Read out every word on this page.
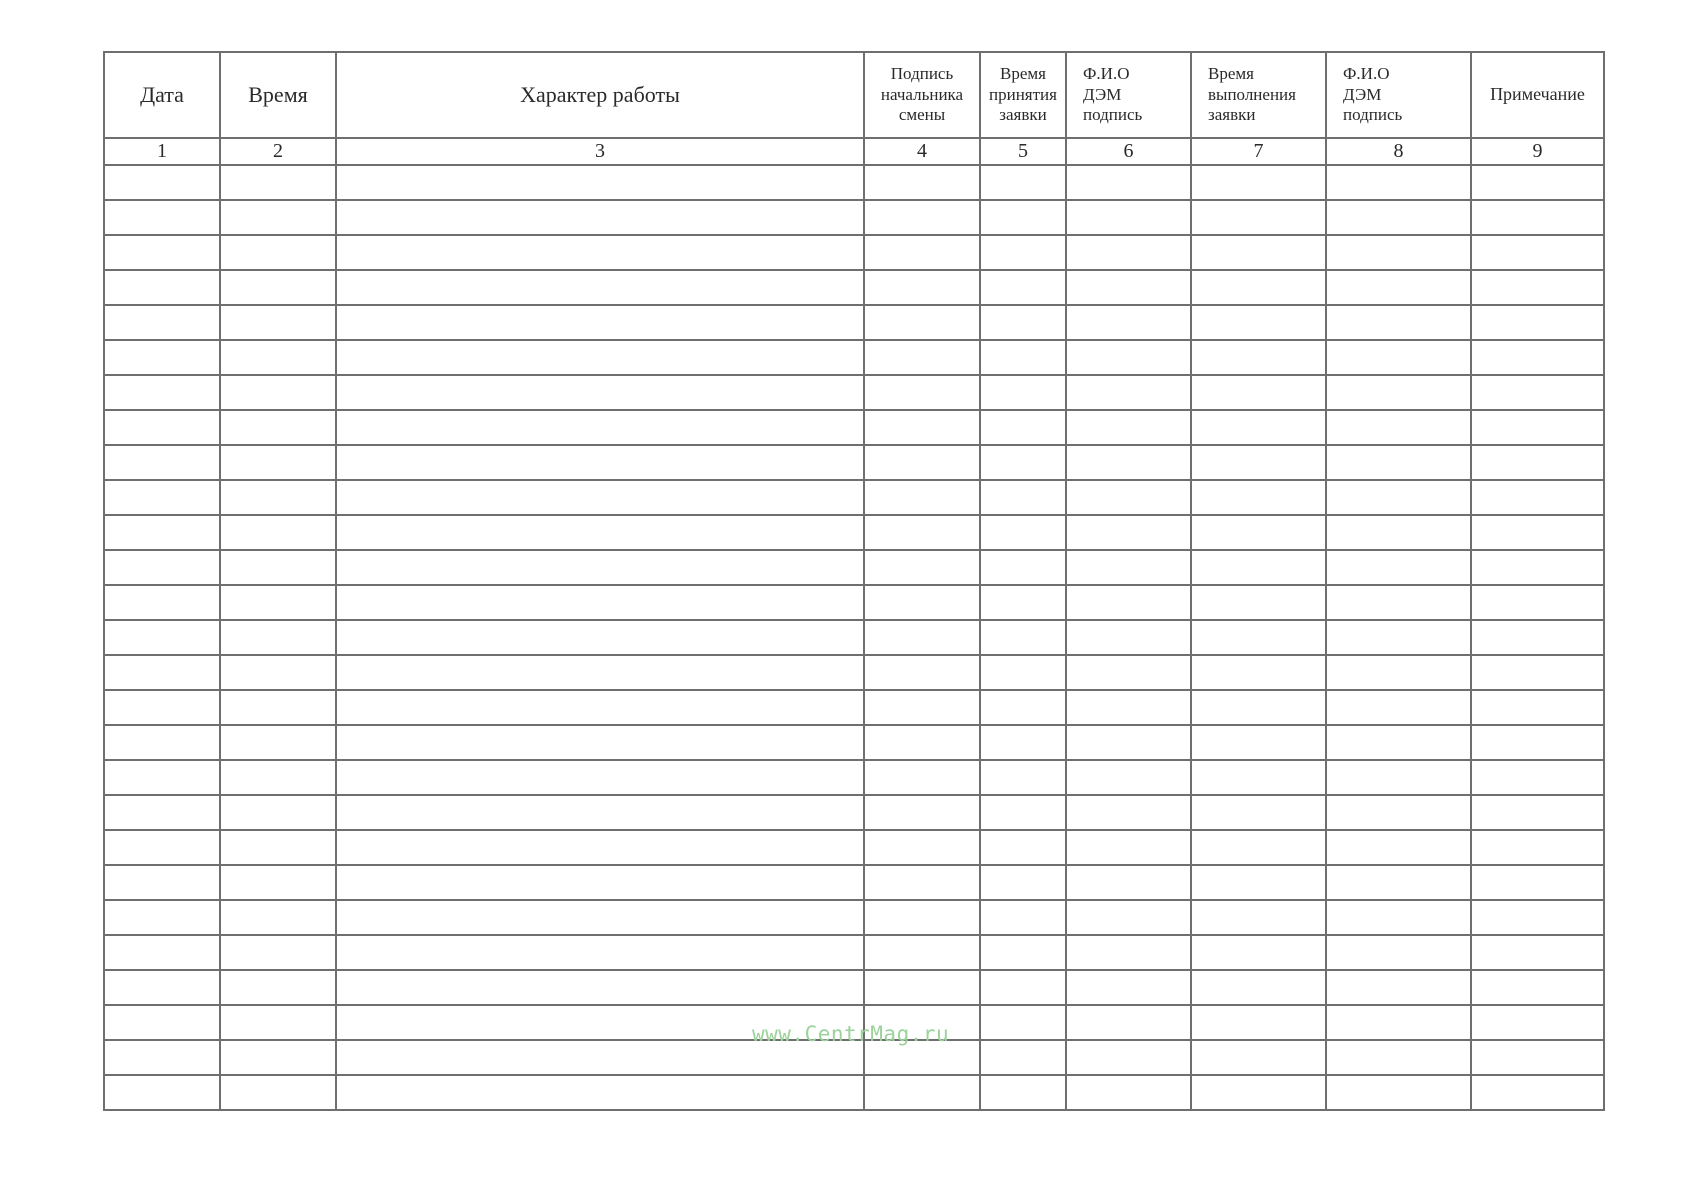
Дата	Время	Характер работы	Подпись
начальника
смены	Время
принятия
заявки	Ф.И.О
ДЭМ
подпись	Время
выполнения
заявки	Ф.И.О
ДЭМ
подпись	Примечание

1	2	3	4	5	6	7	8	9

www.CentrMag.ru
